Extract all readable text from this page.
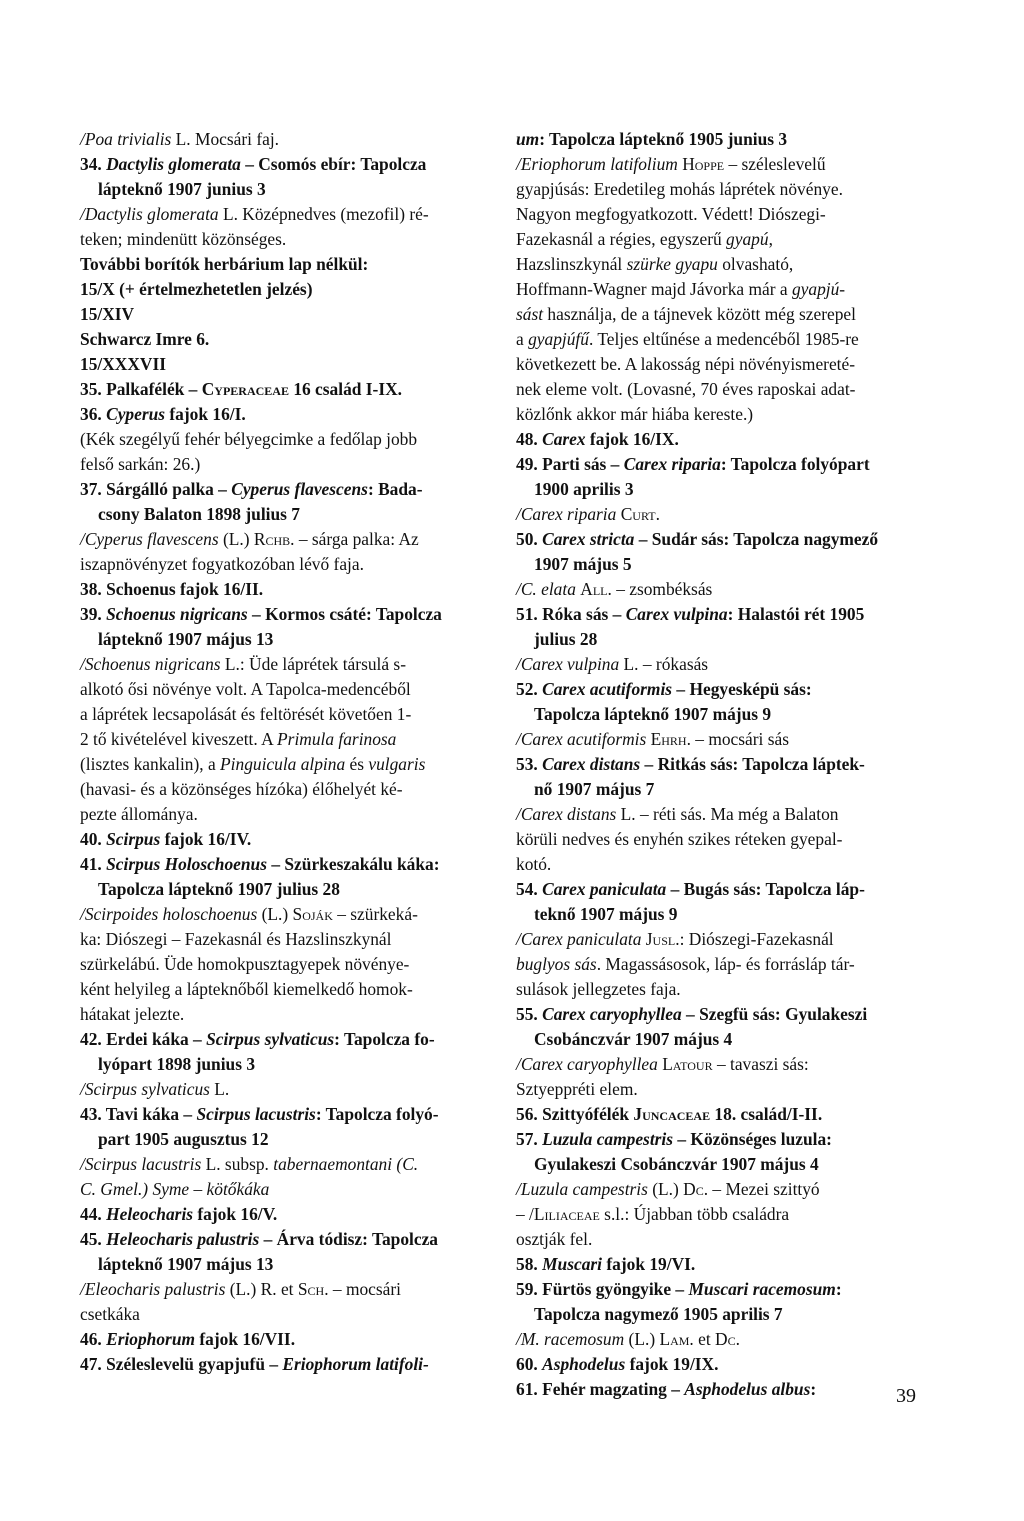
/Poa trivialis L. Mocsári faj.
34. Dactylis glomerata – Csomós ebír: Tapolcza
lápteknő 1907 junius 3
/Dactylis glomerata L. Középnedves (mezofil) ré-
teken; mindenütt közönséges.
További borítók herbárium lap nélkül:
15/X (+ értelmezhetetlen jelzés)
15/XIV
Schwarcz Imre 6.
15/XXXVII
35. Palkafélék – Cyperaceae 16 család I-IX.
36. Cyperus fajok 16/I.
(Kék szegélyű fehér bélyegcimke a fedőlap jobb
felső sarkán: 26.)
37. Sárgálló palka – Cyperus flavescens: Bada-
csony Balaton 1898 julius 7
/Cyperus flavescens (L.) Rchb. – sárga palka: Az
iszapnövényzet fogyatkozóban lévő faja.
38. Schoenus fajok 16/II.
39. Schoenus nigricans – Kormos csáté: Tapolcza
lápteknő 1907 május 13
/Schoenus nigricans L.: Üde láprétek társulá s-
alkotó ősi növénye volt. A Tapolca-medencéből
a láprétek lecsapolását és feltörését követően 1-
2 tő kivételével kiveszett. A Primula farinosa
(lisztes kankalin), a Pinguicula alpina és vulgaris
(havasi- és a közönséges hízóka) élőhelyét ké-
pezte állománya.
40. Scirpus fajok 16/IV.
41. Scirpus Holoschoenus – Szürkeszakálu káka:
Tapolcza lápteknő 1907 julius 28
/Scirpoides holoschoenus (L.) Soják – szürkeká-
ka: Diószegi – Fazekasnál és Hazslinszkynál
szürkelábú. Üde homokpusztagyepek növénye-
ként helyileg a lápteknőből kiemelkedő homok-
hátakat jelezte.
42. Erdei káka – Scirpus sylvaticus: Tapolcza fo-
lyópart 1898 junius 3
/Scirpus sylvaticus L.
43. Tavi káka – Scirpus lacustris: Tapolcza folyó-
part 1905 augusztus 12
/Scirpus lacustris L. subsp. tabernaemontani (C.
C. Gmel.) Syme – kötőkáka
44. Heleocharis fajok 16/V.
45. Heleocharis palustris – Árva tódisz: Tapolcza
lápteknő 1907 május 13
/Eleocharis palustris (L.) R. et Sch. – mocsári
csetkáka
46. Eriophorum fajok 16/VII.
47. Széleslevelü gyapjufü – Eriophorum latifoli-
um: Tapolcza lápteknő 1905 junius 3
/Eriophorum latifolium Hoppe – széleslevelű
gyapjúsás: Eredetileg mohás láprétek növénye.
Nagyon megfogyatkozott. Védett! Diószegi-
Fazekasnál a régies, egyszerű gyapú,
Hazslinszkynál szürke gyapu olvasható,
Hoffmann-Wagner majd Jávorka már a gyapjú-
sást használja, de a tájnevek között még szerepel
a gyapjúfű. Teljes eltűnése a medencéből 1985-re
következett be. A lakosság népi növényismereté-
nek eleme volt. (Lovasné, 70 éves raposkai adat-
közlőnk akkor már hiába kereste.)
48. Carex fajok 16/IX.
49. Parti sás – Carex riparia: Tapolcza folyópart
1900 aprilis 3
/Carex riparia Curt.
50. Carex stricta – Sudár sás: Tapolcza nagymező
1907 május 5
/C. elata All. – zsombéksás
51. Róka sás – Carex vulpina: Halastói rét 1905
julius 28
/Carex vulpina L. – rókasás
52. Carex acutiformis – Hegyesképü sás:
Tapolcza lápteknő 1907 május 9
/Carex acutiformis Ehrh. – mocsári sás
53. Carex distans – Ritkás sás: Tapolcza láptek-
nő 1907 május 7
/Carex distans L. – réti sás. Ma még a Balaton
körüli nedves és enyhén szikes réteken gyepal-
kotó.
54. Carex paniculata – Bugás sás: Tapolcza láp-
teknő 1907 május 9
/Carex paniculata Jusl.: Diószegi-Fazekasnál
buglyos sás. Magassásosok, láp- és forrásláp tár-
sulások jellegzetes faja.
55. Carex caryophyllea – Szegfü sás: Gyulakeszi
Csobánczvár 1907 május 4
/Carex caryophyllea Latour – tavaszi sás:
Sztyeppréti elem.
56. Szittyófélék Juncaceae 18. család/I-II.
57. Luzula campestris – Közönséges luzula:
Gyulakeszi Csobánczvár 1907 május 4
/Luzula campestris (L.) Dc. – Mezei szittyó
– /Liliaceae s.l.: Újabban több családra
osztják fel.
58. Muscari fajok 19/VI.
59. Fürtös gyöngyike – Muscari racemosum:
Tapolcza nagymező 1905 aprilis 7
/M. racemosum (L.) Lam. et Dc.
60. Asphodelus fajok 19/IX.
61. Fehér magzating – Asphodelus albus:	39
